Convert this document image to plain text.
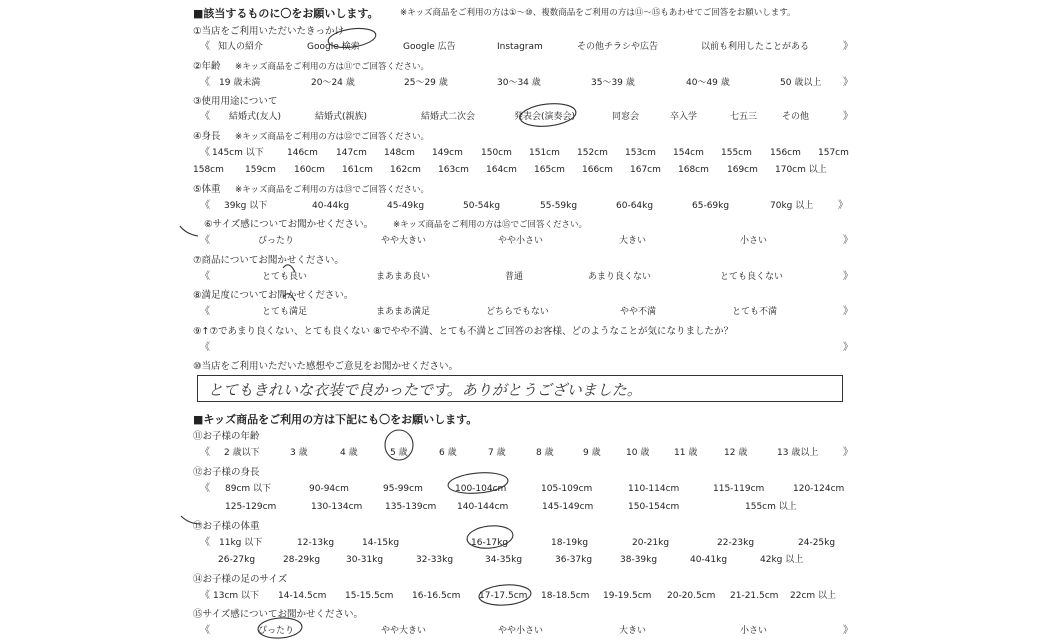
■該当するものに〇をお願いします。	※キッズ商品をご利用の方は①～⑩、複数商品をご利用の方は⑪～⑮もあわせてご回答をお願いします。
①当店をご利用いただいたきっかけ
《 知人の紹介	Google 検索	Google 広告	Instagram	その他チラシや広告	以前も利用したことがある	》
②年齢 ※キッズ商品をご利用の方は⑪でご回答ください。
《 19 歳未満	20～24 歳	25～29 歳	30～34 歳	35～39 歳	40～49 歳	50 歳以上 》
③使用用途について
《 結婚式(友人)	結婚式(親族)	結婚式二次会	発表会(演奏会)	同窓会	卒入学	七五三	その他	》
④身長 ※キッズ商品をご利用の方は⑫でご回答ください。
《 145cm 以下	146cm 147cm 148cm 149cm 150cm 151cm 152cm 153cm 154cm 155cm 156cm 157cm
158cm 159cm 160cm 161cm 162cm 163cm 164cm 165cm 166cm 167cm 168cm 169cm 170cm 以上
⑤体重 ※キッズ商品をご利用の方は⑬でご回答ください。
《 39kg 以下	40-44kg	45-49kg	50-54kg	55-59kg	60-64kg	65-69kg	70kg 以上 》
⑥サイズ感についてお聞かせください。 ※キッズ商品をご利用の方は⑮でご回答ください。
《	ぴったり	やや大きい	やや小さい	大きい	小さい	》
⑦商品についてお聞かせください。
《	とても良い	まあまあ良い	普通	あまり良くない	とても良くない	》
⑧満足度についてお聞かせください。
《	とても満足	まあまあ満足	どちらでもない	やや不満	とても不満	》
⑨↑⑦であまり良くない、とても良くない ⑧でやや不満、とても不満とご回答のお客様、どのようなことが気になりましたか？
《	》
⑩当店をご利用いただいた感想やご意見をお聞かせください。
■キッズ商品をご利用の方は下記にも〇をお願いします。
⑪お子様の年齢
《 2 歳以下	3 歳	4 歳	5 歳	6 歳	7 歳	8 歳	9 歳	10 歳	11 歳	12 歳	13 歳以上 》
⑫お子様の身長
《 89cm 以下	90-94cm	95-99cm	100-104cm	105-109cm	110-114cm	115-119cm	120-124cm
125-129cm	130-134cm	135-139cm 140-144cm	145-149cm	150-154cm	155cm 以上
⑬お子様の体重
《 11kg 以下	12-13kg	14-15kg	16-17kg	18-19kg	20-21kg	22-23kg	24-25kg
26-27kg	28-29kg	30-31kg	32-33kg	34-35kg	36-37kg	38-39kg	40-41kg	42kg 以上
⑭お子様の足のサイズ
《 13cm 以下 14-14.5cm 15-15.5cm 16-16.5cm 17-17.5cm 18-18.5cm 19-19.5cm 20-20.5cm 21-21.5cm 22cm 以上
⑮サイズ感についてお聞かせください。
《	ぴったり	やや大きい	やや小さい	大きい	小さい	》
とてもきれいな衣装で良かったです。ありがとうございました。
